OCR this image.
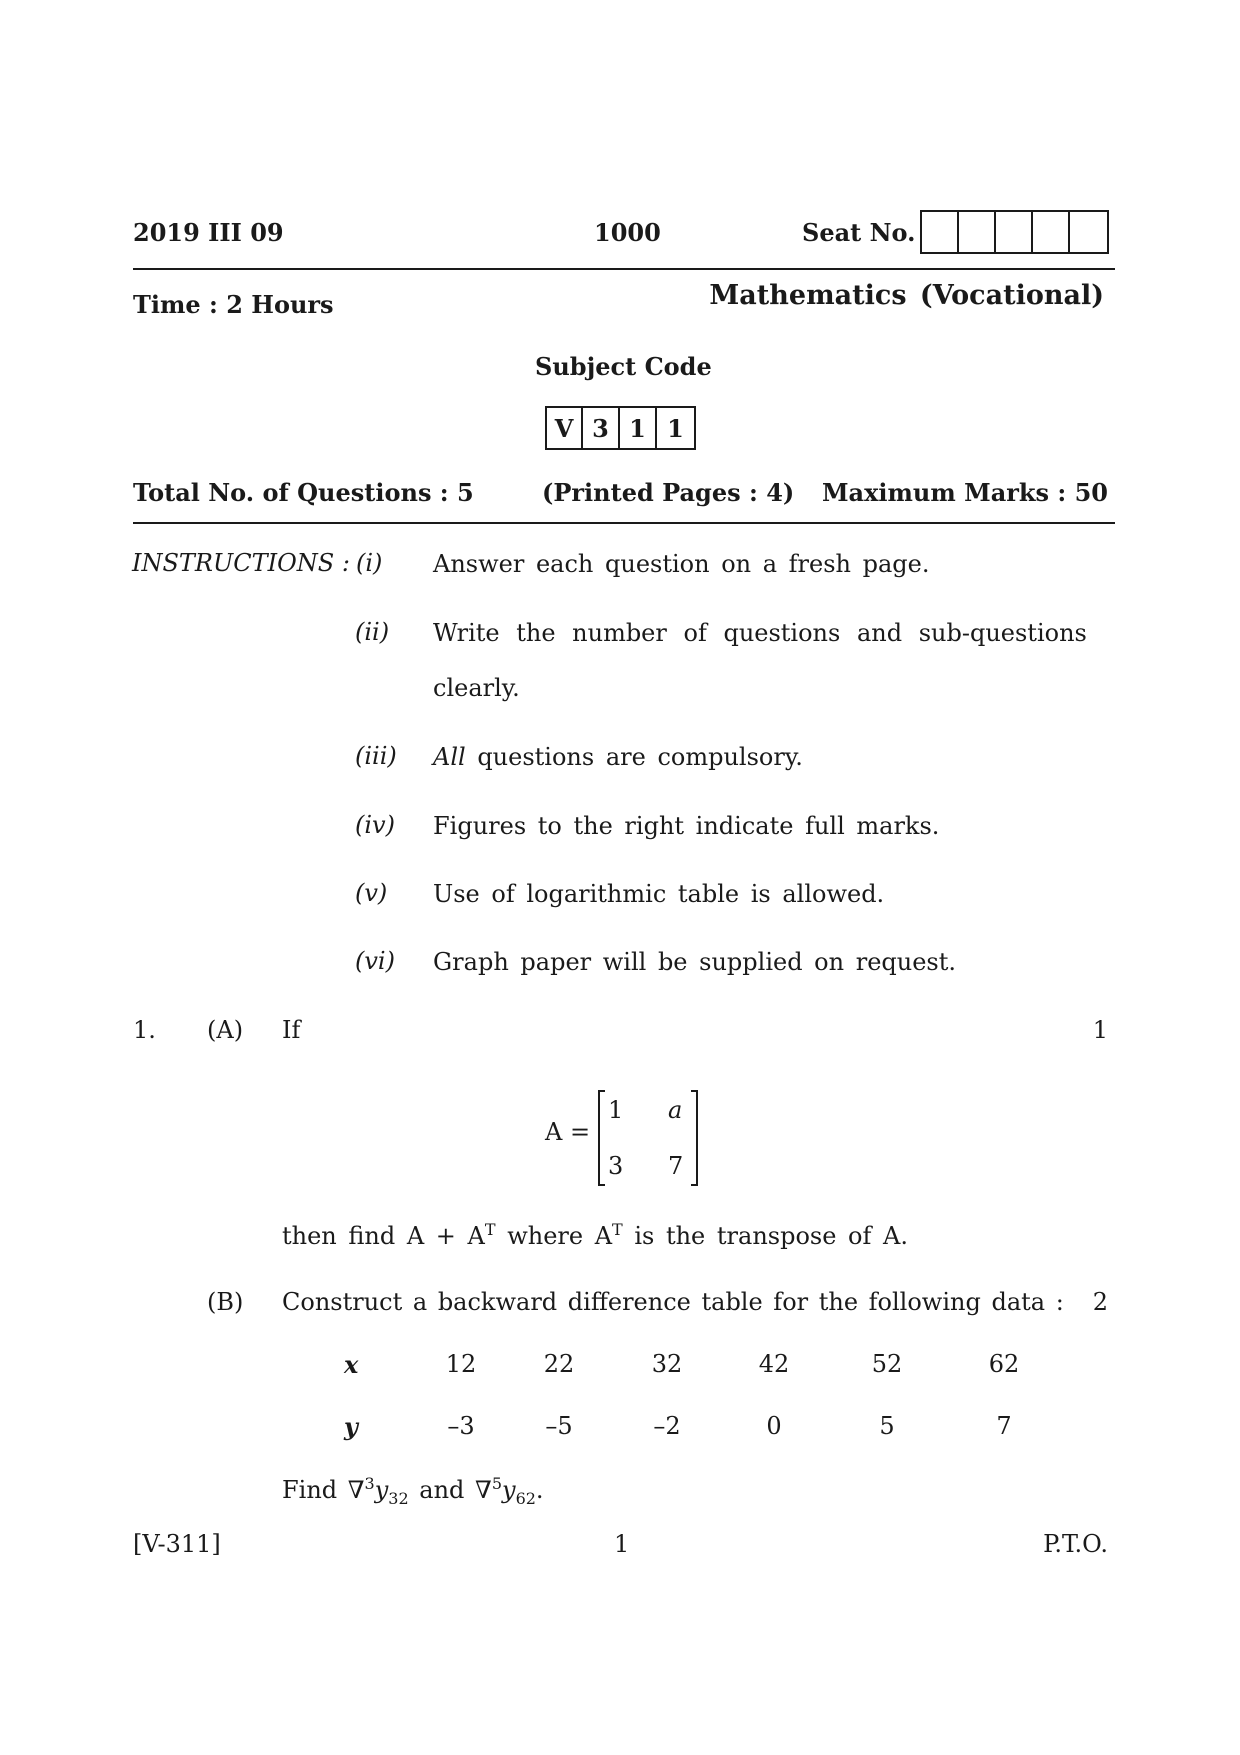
2019 III 09	1000	Seat No.
Time : 2 Hours	Mathematics (Vocational)
Subject Code
V 3 1 1
Total No. of Questions : 5	(Printed Pages : 4) Maximum Marks : 50
INSTRUCTIONS : (i) Answer each question on a fresh page.
(ii) Write the number of questions and sub-questions
clearly.
(iii) All questions are compulsory.
(iv) Figures to the right indicate full marks.
(v) Use of logarithmic table is allowed.
(vi) Graph paper will be supplied on request.
1. (A) If	1
A =
1 a
3 7
then find $A + A^T$ where $A^T$ is the transpose of A.
(B) Construct a backward difference table for the following data : 2
x	12	22	32	42	52	62
y	–3	–5	–2	0	5	7
Find $\nabla^3y_{32}$ and $\nabla^5y_{62}$.
[V-311]	1	P.T.O.
